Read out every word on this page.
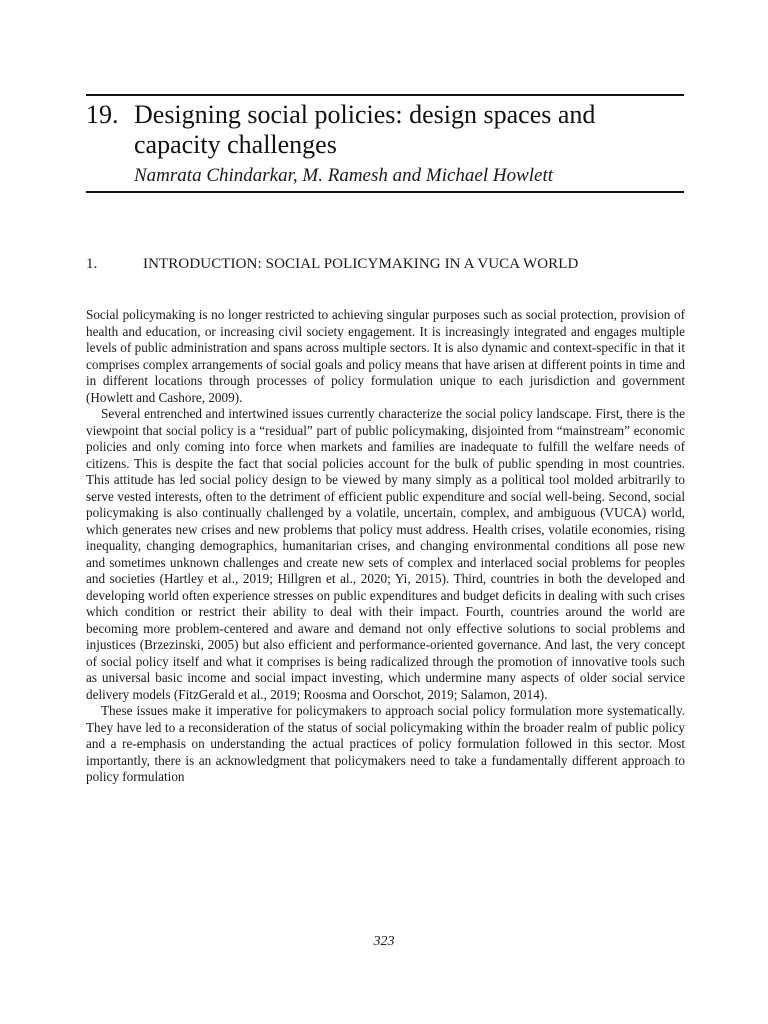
19. Designing social policies: design spaces and capacity challenges
Namrata Chindarkar, M. Ramesh and Michael Howlett
1.	INTRODUCTION: SOCIAL POLICYMAKING IN A VUCA WORLD

Social policymaking is no longer restricted to achieving singular purposes such as social protection, provision of health and education, or increasing civil society engagement. It is increasingly integrated and engages multiple levels of public administration and spans across multiple sectors. It is also dynamic and context-specific in that it comprises complex arrangements of social goals and policy means that have arisen at different points in time and in different locations through processes of policy formulation unique to each jurisdiction and government (Howlett and Cashore, 2009).

Several entrenched and intertwined issues currently characterize the social policy landscape. First, there is the viewpoint that social policy is a “residual” part of public policymaking, disjointed from “mainstream” economic policies and only coming into force when markets and families are inadequate to fulfill the welfare needs of citizens. This is despite the fact that social policies account for the bulk of public spending in most countries. This attitude has led social policy design to be viewed by many simply as a political tool molded arbitrarily to serve vested interests, often to the detriment of efficient public expenditure and social well-being. Second, social policymaking is also continually challenged by a volatile, uncertain, complex, and ambiguous (VUCA) world, which generates new crises and new problems that policy must address. Health crises, volatile economies, rising inequality, changing demographics, humanitarian crises, and changing environmental conditions all pose new and sometimes unknown challenges and create new sets of complex and interlaced social problems for peoples and societies (Hartley et al., 2019; Hillgren et al., 2020; Yi, 2015). Third, countries in both the developed and developing world often experience stresses on public expenditures and budget deficits in dealing with such crises which condition or restrict their ability to deal with their impact. Fourth, countries around the world are becoming more problem-centered and aware and demand not only effective solutions to social problems and injustices (Brzezinski, 2005) but also efficient and performance-oriented governance. And last, the very concept of social policy itself and what it comprises is being radicalized through the promotion of innovative tools such as universal basic income and social impact investing, which undermine many aspects of older social service delivery models (FitzGerald et al., 2019; Roosma and Oorschot, 2019; Salamon, 2014).

These issues make it imperative for policymakers to approach social policy formulation more systematically. They have led to a reconsideration of the status of social policymaking within the broader realm of public policy and a re-emphasis on understanding the actual practices of policy formulation followed in this sector. Most importantly, there is an acknowledgment that policymakers need to take a fundamentally different approach to policy formulation

323
